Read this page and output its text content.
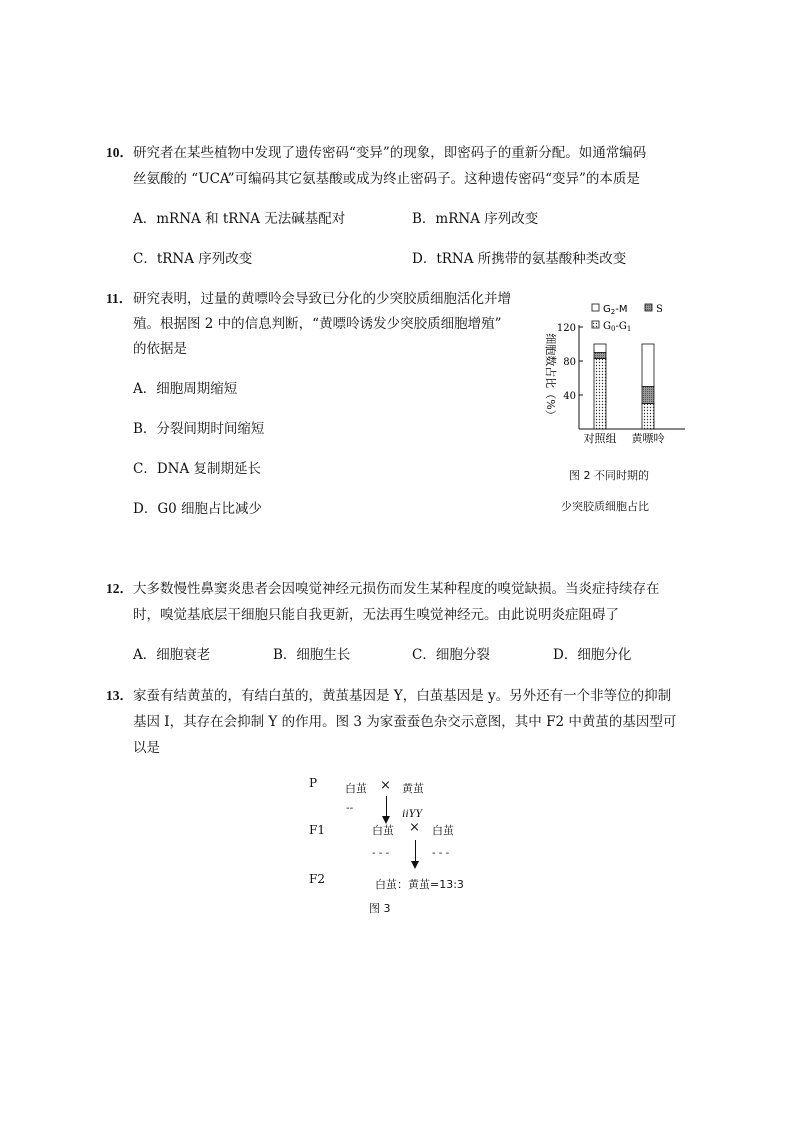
10． 研究者在某些植物中发现了遗传密码“变异”的现象，即密码子的重新分配。如通常编码
丝氨酸的 “UCA”可编码其它氨基酸或成为终止密码子。这种遗传密码“变异”的本质是
A．mRNA 和 tRNA 无法碱基配对	B．mRNA 序列改变
C．tRNA 序列改变	D．tRNA 所携带的氨基酸种类改变
11． 研究表明，过量的黄嘌呤会导致已分化的少突胶质细胞活化并增
殖。根据图 2 中的信息判断，“黄嘌呤诱发少突胶质细胞增殖”
的依据是
A．细胞周期缩短
B．分裂间期时间缩短
C．DNA 复制期延长
D．G0 细胞占比减少
$G_2-M$	S
$G_0-G_1$
40
80
120
细胞数占比（%）
对照组 黄嘌呤
图 2 不同时期的
少突胶质细胞占比
12． 大多数慢性鼻窦炎患者会因嗅觉神经元损伤而发生某种程度的嗅觉缺损。当炎症持续存在
时，嗅觉基底层干细胞只能自我更新，无法再生嗅觉神经元。由此说明炎症阻碍了
A．细胞衰老	B．细胞生长	C．细胞分裂	D．细胞分化
13． 家蚕有结黄茧的，有结白茧的，黄茧基因是 Y，白茧基因是 y。另外还有一个非等位的抑制
基因 I，其存在会抑制 Y 的作用。图 3 为家蚕蚕色杂交示意图，其中 F2 中黄茧的基因型可
以是
P	白茧 × 黄茧
--	iiYY
F1	白茧 × 白茧
- - -	- - -
F2	白茧：黄茧=13:3
图 3
